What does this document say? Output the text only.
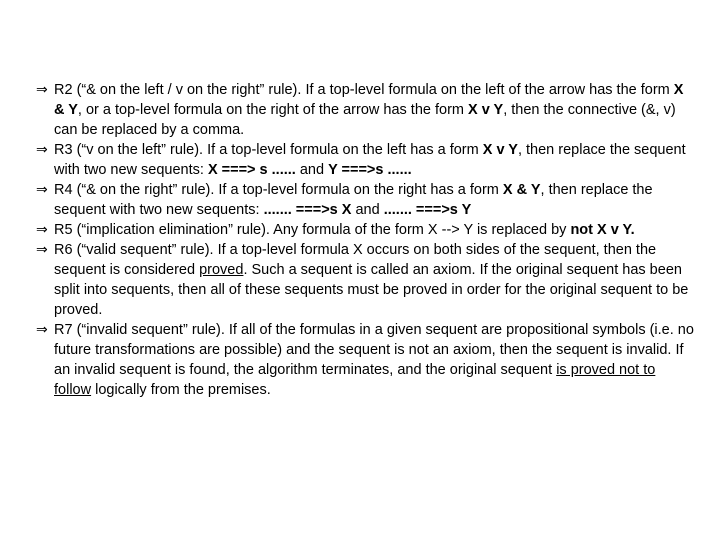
⇒ R2 (“& on the left / v on the right” rule). If a top-level formula on the left of the arrow has the form X & Y, or a top-level formula on the right of the arrow has the form X v Y, then the connective (&, v) can be replaced by a comma.
⇒ R3 (“v on the left” rule). If a top-level formula on the left has a form X v Y, then replace the sequent with two new sequents: X ===> s ...... and Y ===>s ......
⇒ R4 (“& on the right” rule). If a top-level formula on the right has a form X & Y, then replace the sequent with two new sequents: ....... ===>s X and ....... ===>s Y
⇒ R5 (“implication elimination” rule). Any formula of the form X --> Y is replaced by not X v Y.
⇒ R6 (“valid sequent” rule). If a top-level formula X occurs on both sides of the sequent, then the sequent is considered proved. Such a sequent is called an axiom. If the original sequent has been split into sequents, then all of these sequents must be proved in order for the original sequent to be proved.
⇒ R7 (“invalid sequent” rule). If all of the formulas in a given sequent are propositional symbols (i.e. no future transformations are possible) and the sequent is not an axiom, then the sequent is invalid. If an invalid sequent is found, the algorithm terminates, and the original sequent is proved not to follow logically from the premises.
